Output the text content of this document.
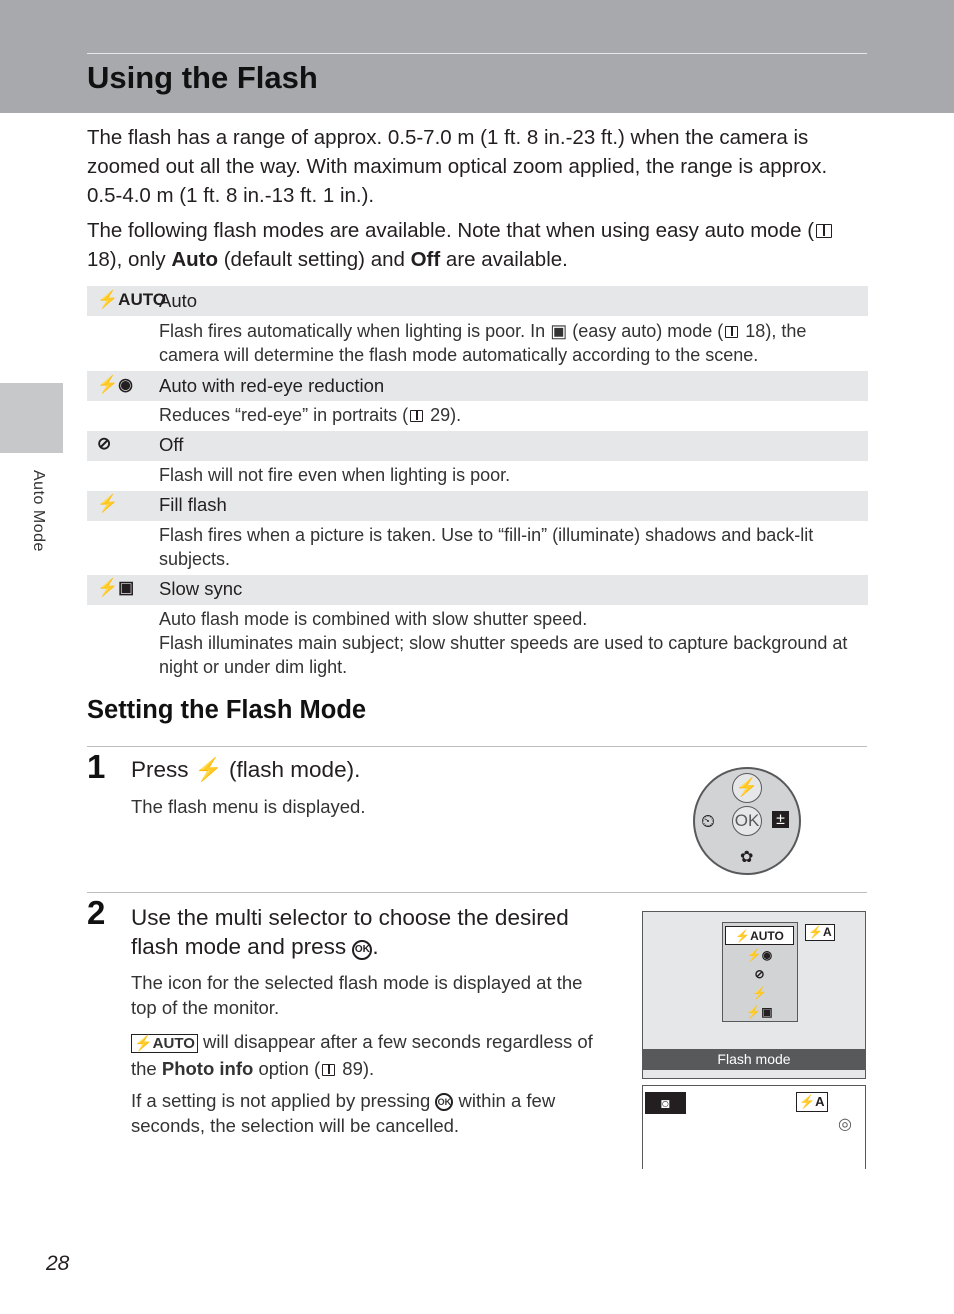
Using the Flash
Auto Mode
The flash has a range of approx. 0.5-7.0 m (1 ft. 8 in.-23 ft.) when the camera is zoomed out all the way. With maximum optical zoom applied, the range is approx. 0.5-4.0 m (1 ft. 8 in.-13 ft. 1 in.).
The following flash modes are available. Note that when using easy auto mode ( 18), only Auto (default setting) and Off are available.
⚡AUTO
Auto
Flash fires automatically when lighting is poor. In ▣ (easy auto) mode ( 18), the camera will determine the flash mode automatically according to the scene.
⚡◉ Auto with red-eye reduction
Reduces “red-eye” in portraits ( 29).
⊘	Off
Flash will not fire even when lighting is poor.
⚡ Fill flash
Flash fires when a picture is taken. Use to “fill-in” (illuminate) shadows and back-lit subjects.
⚡▣ Slow sync
Auto flash mode is combined with slow shutter speed.
Flash illuminates main subject; slow shutter speeds are used to capture background at night or under dim light.
Setting the Flash Mode
1 Press ⚡ (flash mode).
The flash menu is displayed.
⚡
⏲ OK ±
✿
2 Use the multi selector to choose the desired flash mode and press OK .
The icon for the selected flash mode is displayed at the top of the monitor.
⚡AUTO will disappear after a few seconds regardless of the Photo info option ( 89).
If a setting is not applied by pressing OK within a few seconds, the selection will be cancelled.
⚡AUTO
⚡◉
⊘
⚡
⚡▣
⚡A
Flash mode
◙	⚡A
◎
28
